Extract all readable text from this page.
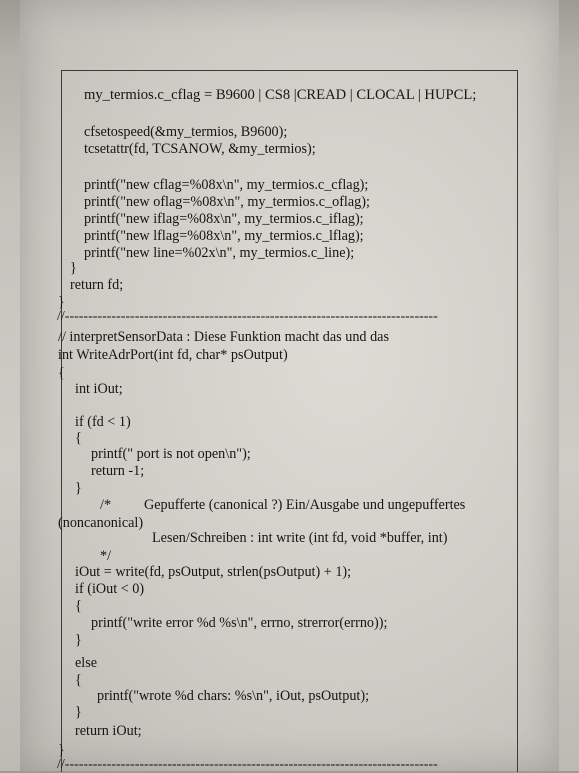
my_termios.c_cflag = B9600 | CS8 |CREAD | CLOCAL | HUPCL;
cfsetospeed(&my_termios, B9600);
tcsetattr(fd, TCSANOW, &my_termios);
printf("new cflag=%08x\n", my_termios.c_cflag);
printf("new oflag=%08x\n", my_termios.c_oflag);
printf("new iflag=%08x\n", my_termios.c_iflag);
printf("new lflag=%08x\n", my_termios.c_lflag);
printf("new line=%02x\n", my_termios.c_line);
}
return fd;
}
//--------------------------------------------------------------------------------
// interpretSensorData : Diese Funktion macht das und das
int WriteAdrPort(int fd, char* psOutput)
{
int iOut;
if (fd < 1)
{
printf(" port is not open\n");
return -1;
}
/* Gepufferte (canonical ?) Ein/Ausgabe und ungepuffertes
(noncanonical)
Lesen/Schreiben : int write (int fd, void *buffer, int)
*/
iOut = write(fd, psOutput, strlen(psOutput) + 1);
if (iOut < 0)
{
printf("write error %d %s\n", errno, strerror(errno));
}
else
{
printf("wrote %d chars: %s\n", iOut, psOutput);
}
return iOut;
}
//--------------------------------------------------------------------------------
